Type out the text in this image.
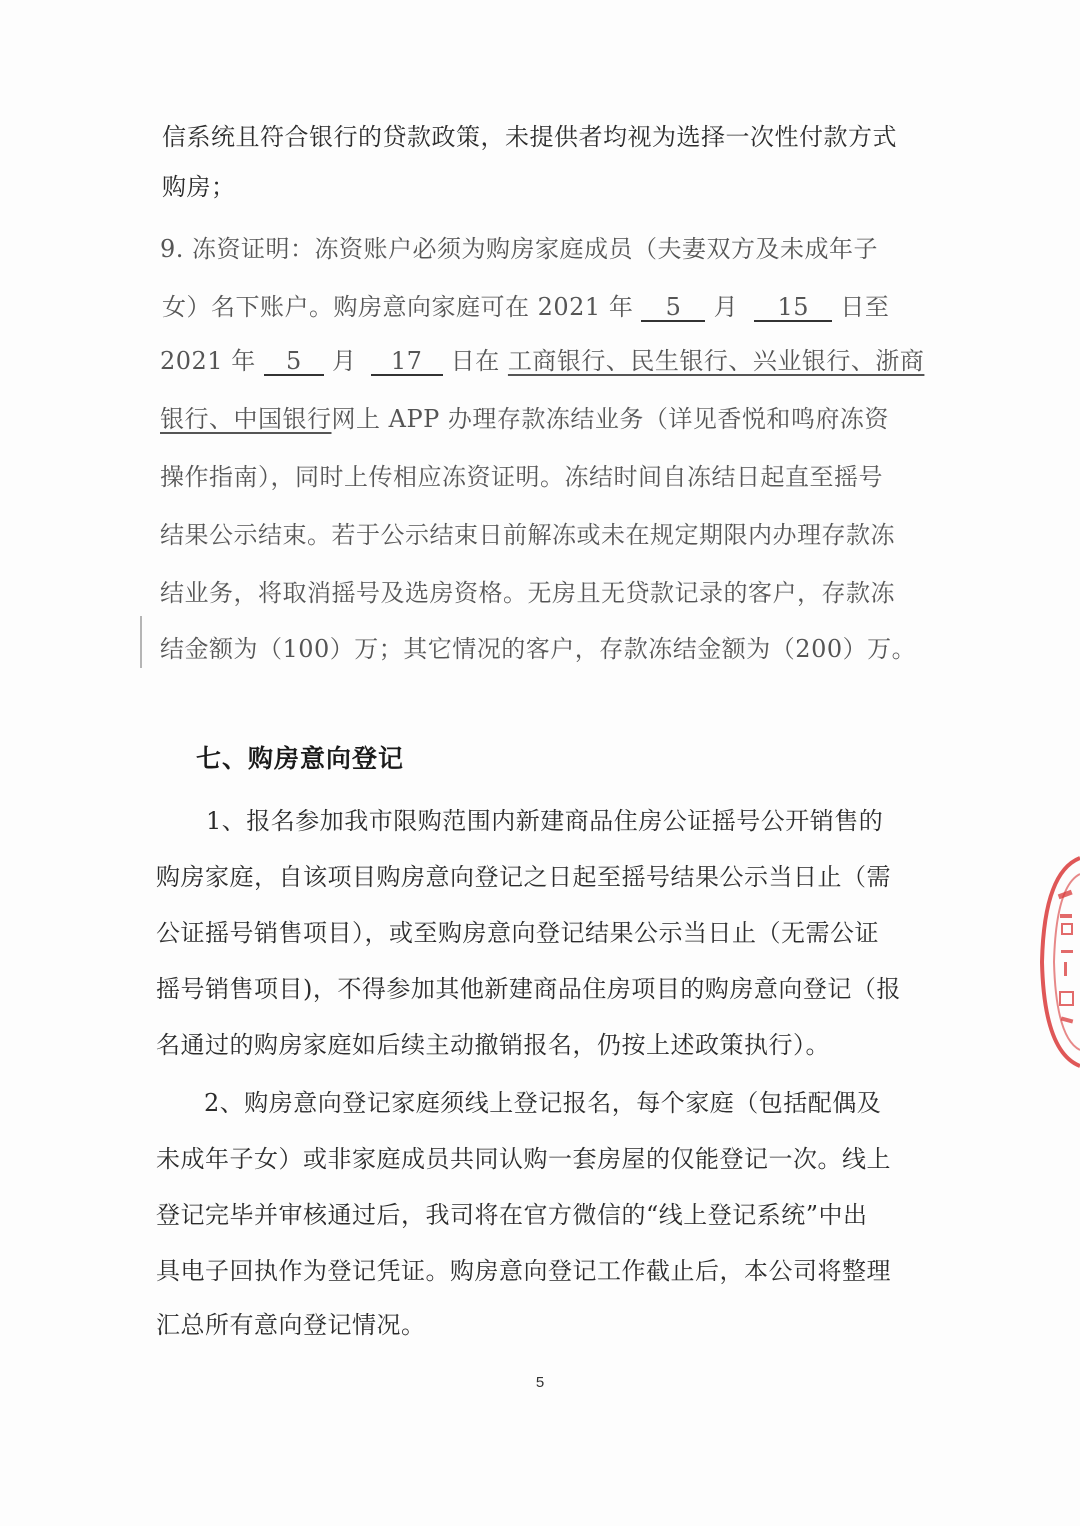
信系统且符合银行的贷款政策，未提供者均视为选择一次性付款方式
购房；
9. 冻资证明：冻资账户必须为购房家庭成员（夫妻双方及未成年子
女）名下账户。购房意向家庭可在 2021 年 5 月 15 日至
2021 年 5 月 17 日在 工商银行、民生银行、兴业银行、浙商
银行、中国银行网上 APP 办理存款冻结业务（详见香悦和鸣府冻资
操作指南），同时上传相应冻资证明。冻结时间自冻结日起直至摇号
结果公示结束。若于公示结束日前解冻或未在规定期限内办理存款冻
结业务，将取消摇号及选房资格。无房且无贷款记录的客户，存款冻
结金额为（100）万；其它情况的客户，存款冻结金额为（200）万。
七、购房意向登记
1、报名参加我市限购范围内新建商品住房公证摇号公开销售的
购房家庭，自该项目购房意向登记之日起至摇号结果公示当日止（需
公证摇号销售项目），或至购房意向登记结果公示当日止（无需公证
摇号销售项目)，不得参加其他新建商品住房项目的购房意向登记（报
名通过的购房家庭如后续主动撤销报名，仍按上述政策执行）。
2、购房意向登记家庭须线上登记报名，每个家庭（包括配偶及
未成年子女）或非家庭成员共同认购一套房屋的仅能登记一次。线上
登记完毕并审核通过后，我司将在官方微信的“线上登记系统”中出
具电子回执作为登记凭证。购房意向登记工作截止后，本公司将整理
汇总所有意向登记情况。
5
